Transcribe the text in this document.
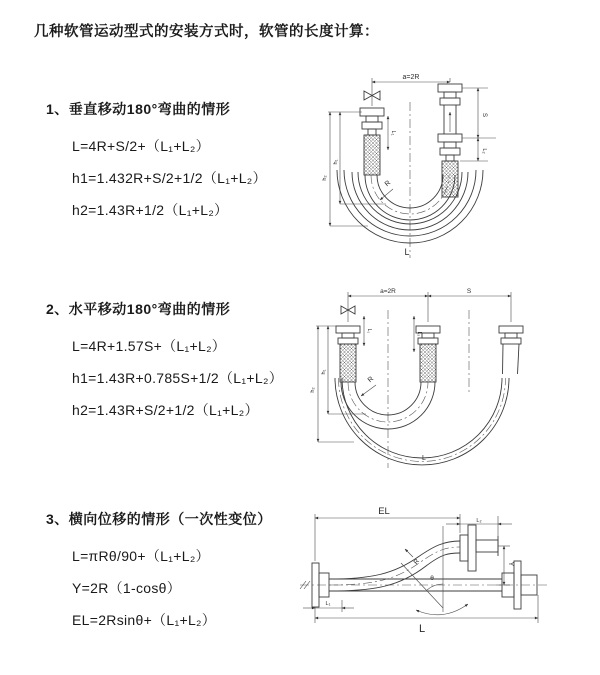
几种软管运动型式的安装方式时，软管的长度计算：
1、垂直移动180°弯曲的情形
L=4R+S/2+（L₁+L₂）
h1=1.432R+S/2+1/2（L₁+L₂）
h2=1.43R+1/2（L₁+L₂）
2、水平移动180°弯曲的情形
L=4R+1.57S+（L₁+L₂）
h1=1.43R+0.785S+1/2（L₁+L₂）
h2=1.43R+S/2+1/2（L₁+L₂）
3、横向位移的情形（一次性变位）
L=πRθ/90+（L₁+L₂）
Y=2R（1-cosθ）
EL=2Rsinθ+（L₁+L₂）
a=2R
L₁
S
L₂
h₁
h₂
R
L
a=2R	S
L₁
L₂
h₁
h₂
R
L
EL
L₂
Y
θ
R
L₁
L
